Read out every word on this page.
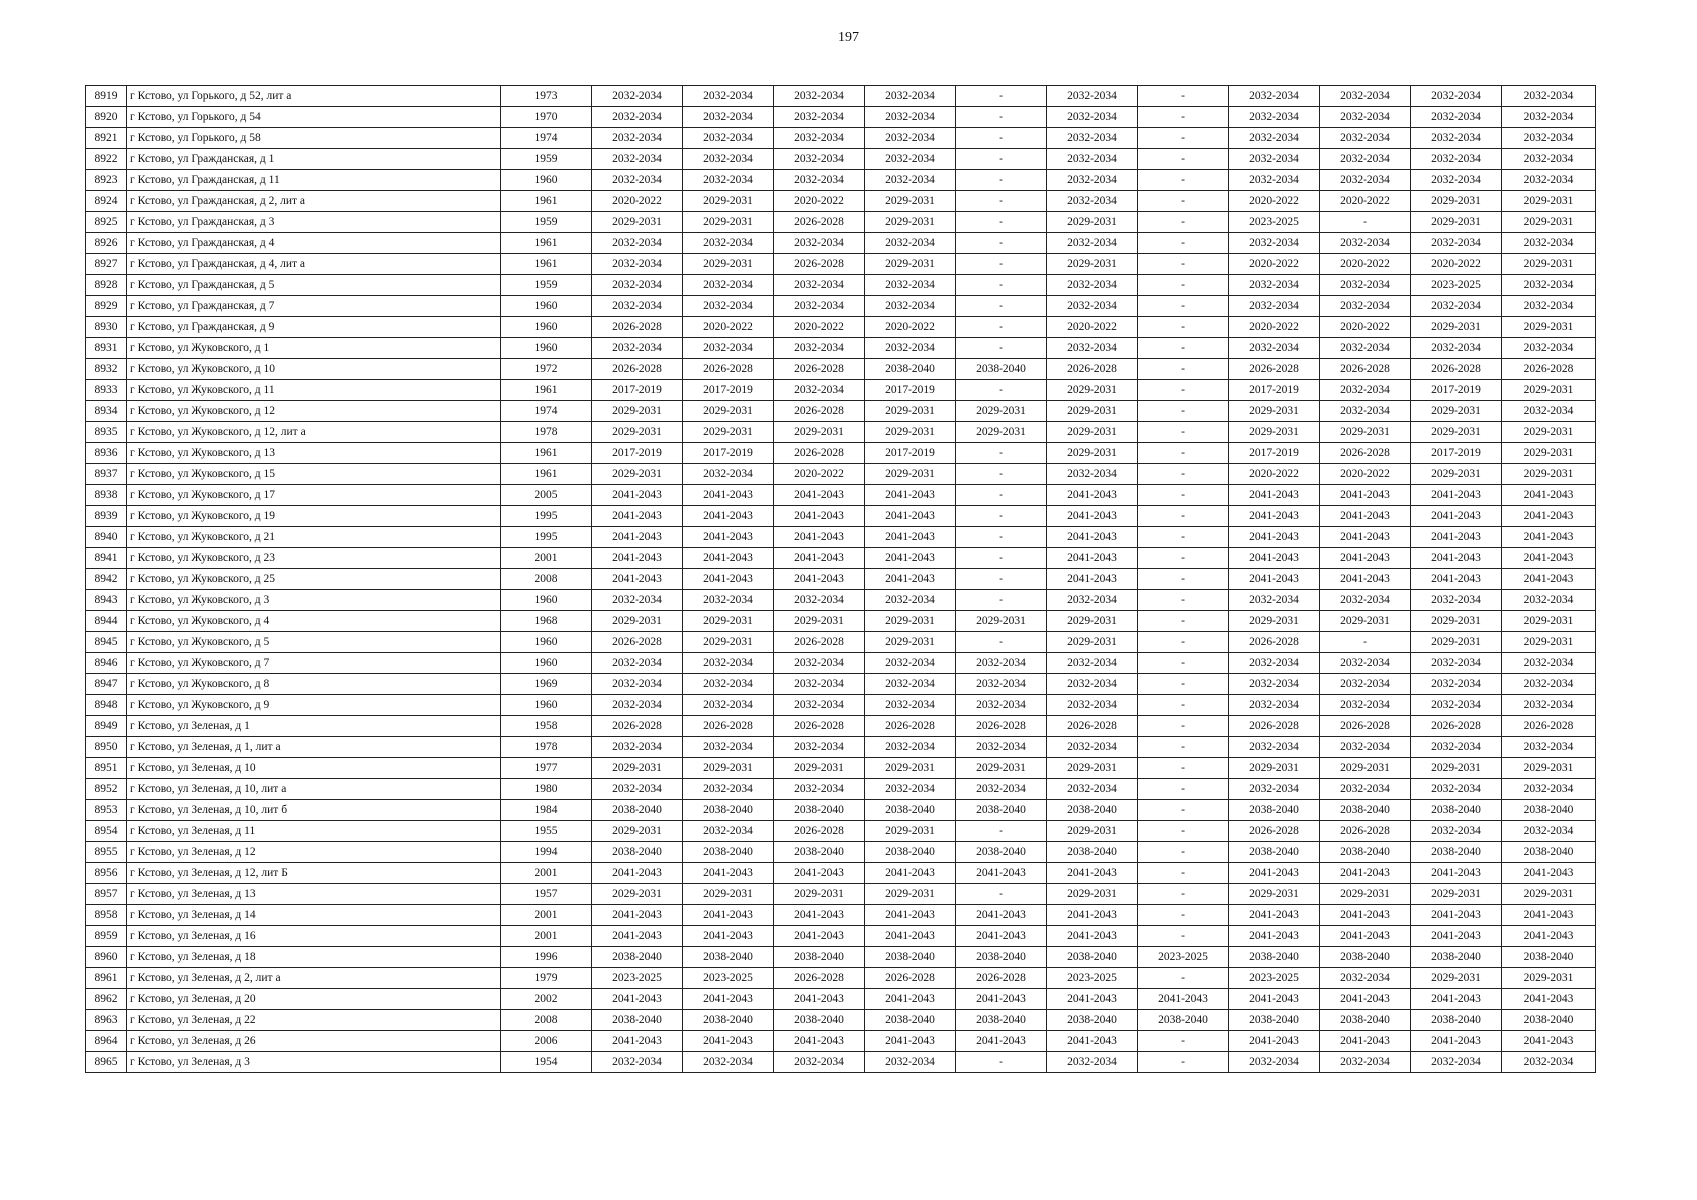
197
8919	г Кстово, ул Горького, д 52, лит а	1973	2032-2034	2032-2034	2032-2034	2032-2034	-	2032-2034	-	2032-2034	2032-2034	2032-2034	2032-2034
8920	г Кстово, ул Горького, д 54	1970	2032-2034	2032-2034	2032-2034	2032-2034	-	2032-2034	-	2032-2034	2032-2034	2032-2034	2032-2034
8921	г Кстово, ул Горького, д 58	1974	2032-2034	2032-2034	2032-2034	2032-2034	-	2032-2034	-	2032-2034	2032-2034	2032-2034	2032-2034
8922	г Кстово, ул Гражданская, д 1	1959	2032-2034	2032-2034	2032-2034	2032-2034	-	2032-2034	-	2032-2034	2032-2034	2032-2034	2032-2034
8923	г Кстово, ул Гражданская, д 11	1960	2032-2034	2032-2034	2032-2034	2032-2034	-	2032-2034	-	2032-2034	2032-2034	2032-2034	2032-2034
8924	г Кстово, ул Гражданская, д 2, лит а	1961	2020-2022	2029-2031	2020-2022	2029-2031	-	2032-2034	-	2020-2022	2020-2022	2029-2031	2029-2031
8925	г Кстово, ул Гражданская, д 3	1959	2029-2031	2029-2031	2026-2028	2029-2031	-	2029-2031	-	2023-2025	-	2029-2031	2029-2031
8926	г Кстово, ул Гражданская, д 4	1961	2032-2034	2032-2034	2032-2034	2032-2034	-	2032-2034	-	2032-2034	2032-2034	2032-2034	2032-2034
8927	г Кстово, ул Гражданская, д 4, лит а	1961	2032-2034	2029-2031	2026-2028	2029-2031	-	2029-2031	-	2020-2022	2020-2022	2020-2022	2029-2031
8928	г Кстово, ул Гражданская, д 5	1959	2032-2034	2032-2034	2032-2034	2032-2034	-	2032-2034	-	2032-2034	2032-2034	2023-2025	2032-2034
8929	г Кстово, ул Гражданская, д 7	1960	2032-2034	2032-2034	2032-2034	2032-2034	-	2032-2034	-	2032-2034	2032-2034	2032-2034	2032-2034
8930	г Кстово, ул Гражданская, д 9	1960	2026-2028	2020-2022	2020-2022	2020-2022	-	2020-2022	-	2020-2022	2020-2022	2029-2031	2029-2031
8931	г Кстово, ул Жуковского, д 1	1960	2032-2034	2032-2034	2032-2034	2032-2034	-	2032-2034	-	2032-2034	2032-2034	2032-2034	2032-2034
8932	г Кстово, ул Жуковского, д 10	1972	2026-2028	2026-2028	2026-2028	2038-2040	2038-2040	2026-2028	-	2026-2028	2026-2028	2026-2028	2026-2028
8933	г Кстово, ул Жуковского, д 11	1961	2017-2019	2017-2019	2032-2034	2017-2019	-	2029-2031	-	2017-2019	2032-2034	2017-2019	2029-2031
8934	г Кстово, ул Жуковского, д 12	1974	2029-2031	2029-2031	2026-2028	2029-2031	2029-2031	2029-2031	-	2029-2031	2032-2034	2029-2031	2032-2034
8935	г Кстово, ул Жуковского, д 12, лит а	1978	2029-2031	2029-2031	2029-2031	2029-2031	2029-2031	2029-2031	-	2029-2031	2029-2031	2029-2031	2029-2031
8936	г Кстово, ул Жуковского, д 13	1961	2017-2019	2017-2019	2026-2028	2017-2019	-	2029-2031	-	2017-2019	2026-2028	2017-2019	2029-2031
8937	г Кстово, ул Жуковского, д 15	1961	2029-2031	2032-2034	2020-2022	2029-2031	-	2032-2034	-	2020-2022	2020-2022	2029-2031	2029-2031
8938	г Кстово, ул Жуковского, д 17	2005	2041-2043	2041-2043	2041-2043	2041-2043	-	2041-2043	-	2041-2043	2041-2043	2041-2043	2041-2043
8939	г Кстово, ул Жуковского, д 19	1995	2041-2043	2041-2043	2041-2043	2041-2043	-	2041-2043	-	2041-2043	2041-2043	2041-2043	2041-2043
8940	г Кстово, ул Жуковского, д 21	1995	2041-2043	2041-2043	2041-2043	2041-2043	-	2041-2043	-	2041-2043	2041-2043	2041-2043	2041-2043
8941	г Кстово, ул Жуковского, д 23	2001	2041-2043	2041-2043	2041-2043	2041-2043	-	2041-2043	-	2041-2043	2041-2043	2041-2043	2041-2043
8942	г Кстово, ул Жуковского, д 25	2008	2041-2043	2041-2043	2041-2043	2041-2043	-	2041-2043	-	2041-2043	2041-2043	2041-2043	2041-2043
8943	г Кстово, ул Жуковского, д 3	1960	2032-2034	2032-2034	2032-2034	2032-2034	-	2032-2034	-	2032-2034	2032-2034	2032-2034	2032-2034
8944	г Кстово, ул Жуковского, д 4	1968	2029-2031	2029-2031	2029-2031	2029-2031	2029-2031	2029-2031	-	2029-2031	2029-2031	2029-2031	2029-2031
8945	г Кстово, ул Жуковского, д 5	1960	2026-2028	2029-2031	2026-2028	2029-2031	-	2029-2031	-	2026-2028	-	2029-2031	2029-2031
8946	г Кстово, ул Жуковского, д 7	1960	2032-2034	2032-2034	2032-2034	2032-2034	2032-2034	2032-2034	-	2032-2034	2032-2034	2032-2034	2032-2034
8947	г Кстово, ул Жуковского, д 8	1969	2032-2034	2032-2034	2032-2034	2032-2034	2032-2034	2032-2034	-	2032-2034	2032-2034	2032-2034	2032-2034
8948	г Кстово, ул Жуковского, д 9	1960	2032-2034	2032-2034	2032-2034	2032-2034	2032-2034	2032-2034	-	2032-2034	2032-2034	2032-2034	2032-2034
8949	г Кстово, ул Зеленая, д 1	1958	2026-2028	2026-2028	2026-2028	2026-2028	2026-2028	2026-2028	-	2026-2028	2026-2028	2026-2028	2026-2028
8950	г Кстово, ул Зеленая, д 1, лит а	1978	2032-2034	2032-2034	2032-2034	2032-2034	2032-2034	2032-2034	-	2032-2034	2032-2034	2032-2034	2032-2034
8951	г Кстово, ул Зеленая, д 10	1977	2029-2031	2029-2031	2029-2031	2029-2031	2029-2031	2029-2031	-	2029-2031	2029-2031	2029-2031	2029-2031
8952	г Кстово, ул Зеленая, д 10, лит а	1980	2032-2034	2032-2034	2032-2034	2032-2034	2032-2034	2032-2034	-	2032-2034	2032-2034	2032-2034	2032-2034
8953	г Кстово, ул Зеленая, д 10, лит б	1984	2038-2040	2038-2040	2038-2040	2038-2040	2038-2040	2038-2040	-	2038-2040	2038-2040	2038-2040	2038-2040
8954	г Кстово, ул Зеленая, д 11	1955	2029-2031	2032-2034	2026-2028	2029-2031	-	2029-2031	-	2026-2028	2026-2028	2032-2034	2032-2034
8955	г Кстово, ул Зеленая, д 12	1994	2038-2040	2038-2040	2038-2040	2038-2040	2038-2040	2038-2040	-	2038-2040	2038-2040	2038-2040	2038-2040
8956	г Кстово, ул Зеленая, д 12, лит Б	2001	2041-2043	2041-2043	2041-2043	2041-2043	2041-2043	2041-2043	-	2041-2043	2041-2043	2041-2043	2041-2043
8957	г Кстово, ул Зеленая, д 13	1957	2029-2031	2029-2031	2029-2031	2029-2031	-	2029-2031	-	2029-2031	2029-2031	2029-2031	2029-2031
8958	г Кстово, ул Зеленая, д 14	2001	2041-2043	2041-2043	2041-2043	2041-2043	2041-2043	2041-2043	-	2041-2043	2041-2043	2041-2043	2041-2043
8959	г Кстово, ул Зеленая, д 16	2001	2041-2043	2041-2043	2041-2043	2041-2043	2041-2043	2041-2043	-	2041-2043	2041-2043	2041-2043	2041-2043
8960	г Кстово, ул Зеленая, д 18	1996	2038-2040	2038-2040	2038-2040	2038-2040	2038-2040	2038-2040	2023-2025	2038-2040	2038-2040	2038-2040	2038-2040
8961	г Кстово, ул Зеленая, д 2, лит а	1979	2023-2025	2023-2025	2026-2028	2026-2028	2026-2028	2023-2025	-	2023-2025	2032-2034	2029-2031	2029-2031
8962	г Кстово, ул Зеленая, д 20	2002	2041-2043	2041-2043	2041-2043	2041-2043	2041-2043	2041-2043	2041-2043	2041-2043	2041-2043	2041-2043	2041-2043
8963	г Кстово, ул Зеленая, д 22	2008	2038-2040	2038-2040	2038-2040	2038-2040	2038-2040	2038-2040	2038-2040	2038-2040	2038-2040	2038-2040	2038-2040
8964	г Кстово, ул Зеленая, д 26	2006	2041-2043	2041-2043	2041-2043	2041-2043	2041-2043	2041-2043	-	2041-2043	2041-2043	2041-2043	2041-2043
8965	г Кстово, ул Зеленая, д 3	1954	2032-2034	2032-2034	2032-2034	2032-2034	-	2032-2034	-	2032-2034	2032-2034	2032-2034	2032-2034
